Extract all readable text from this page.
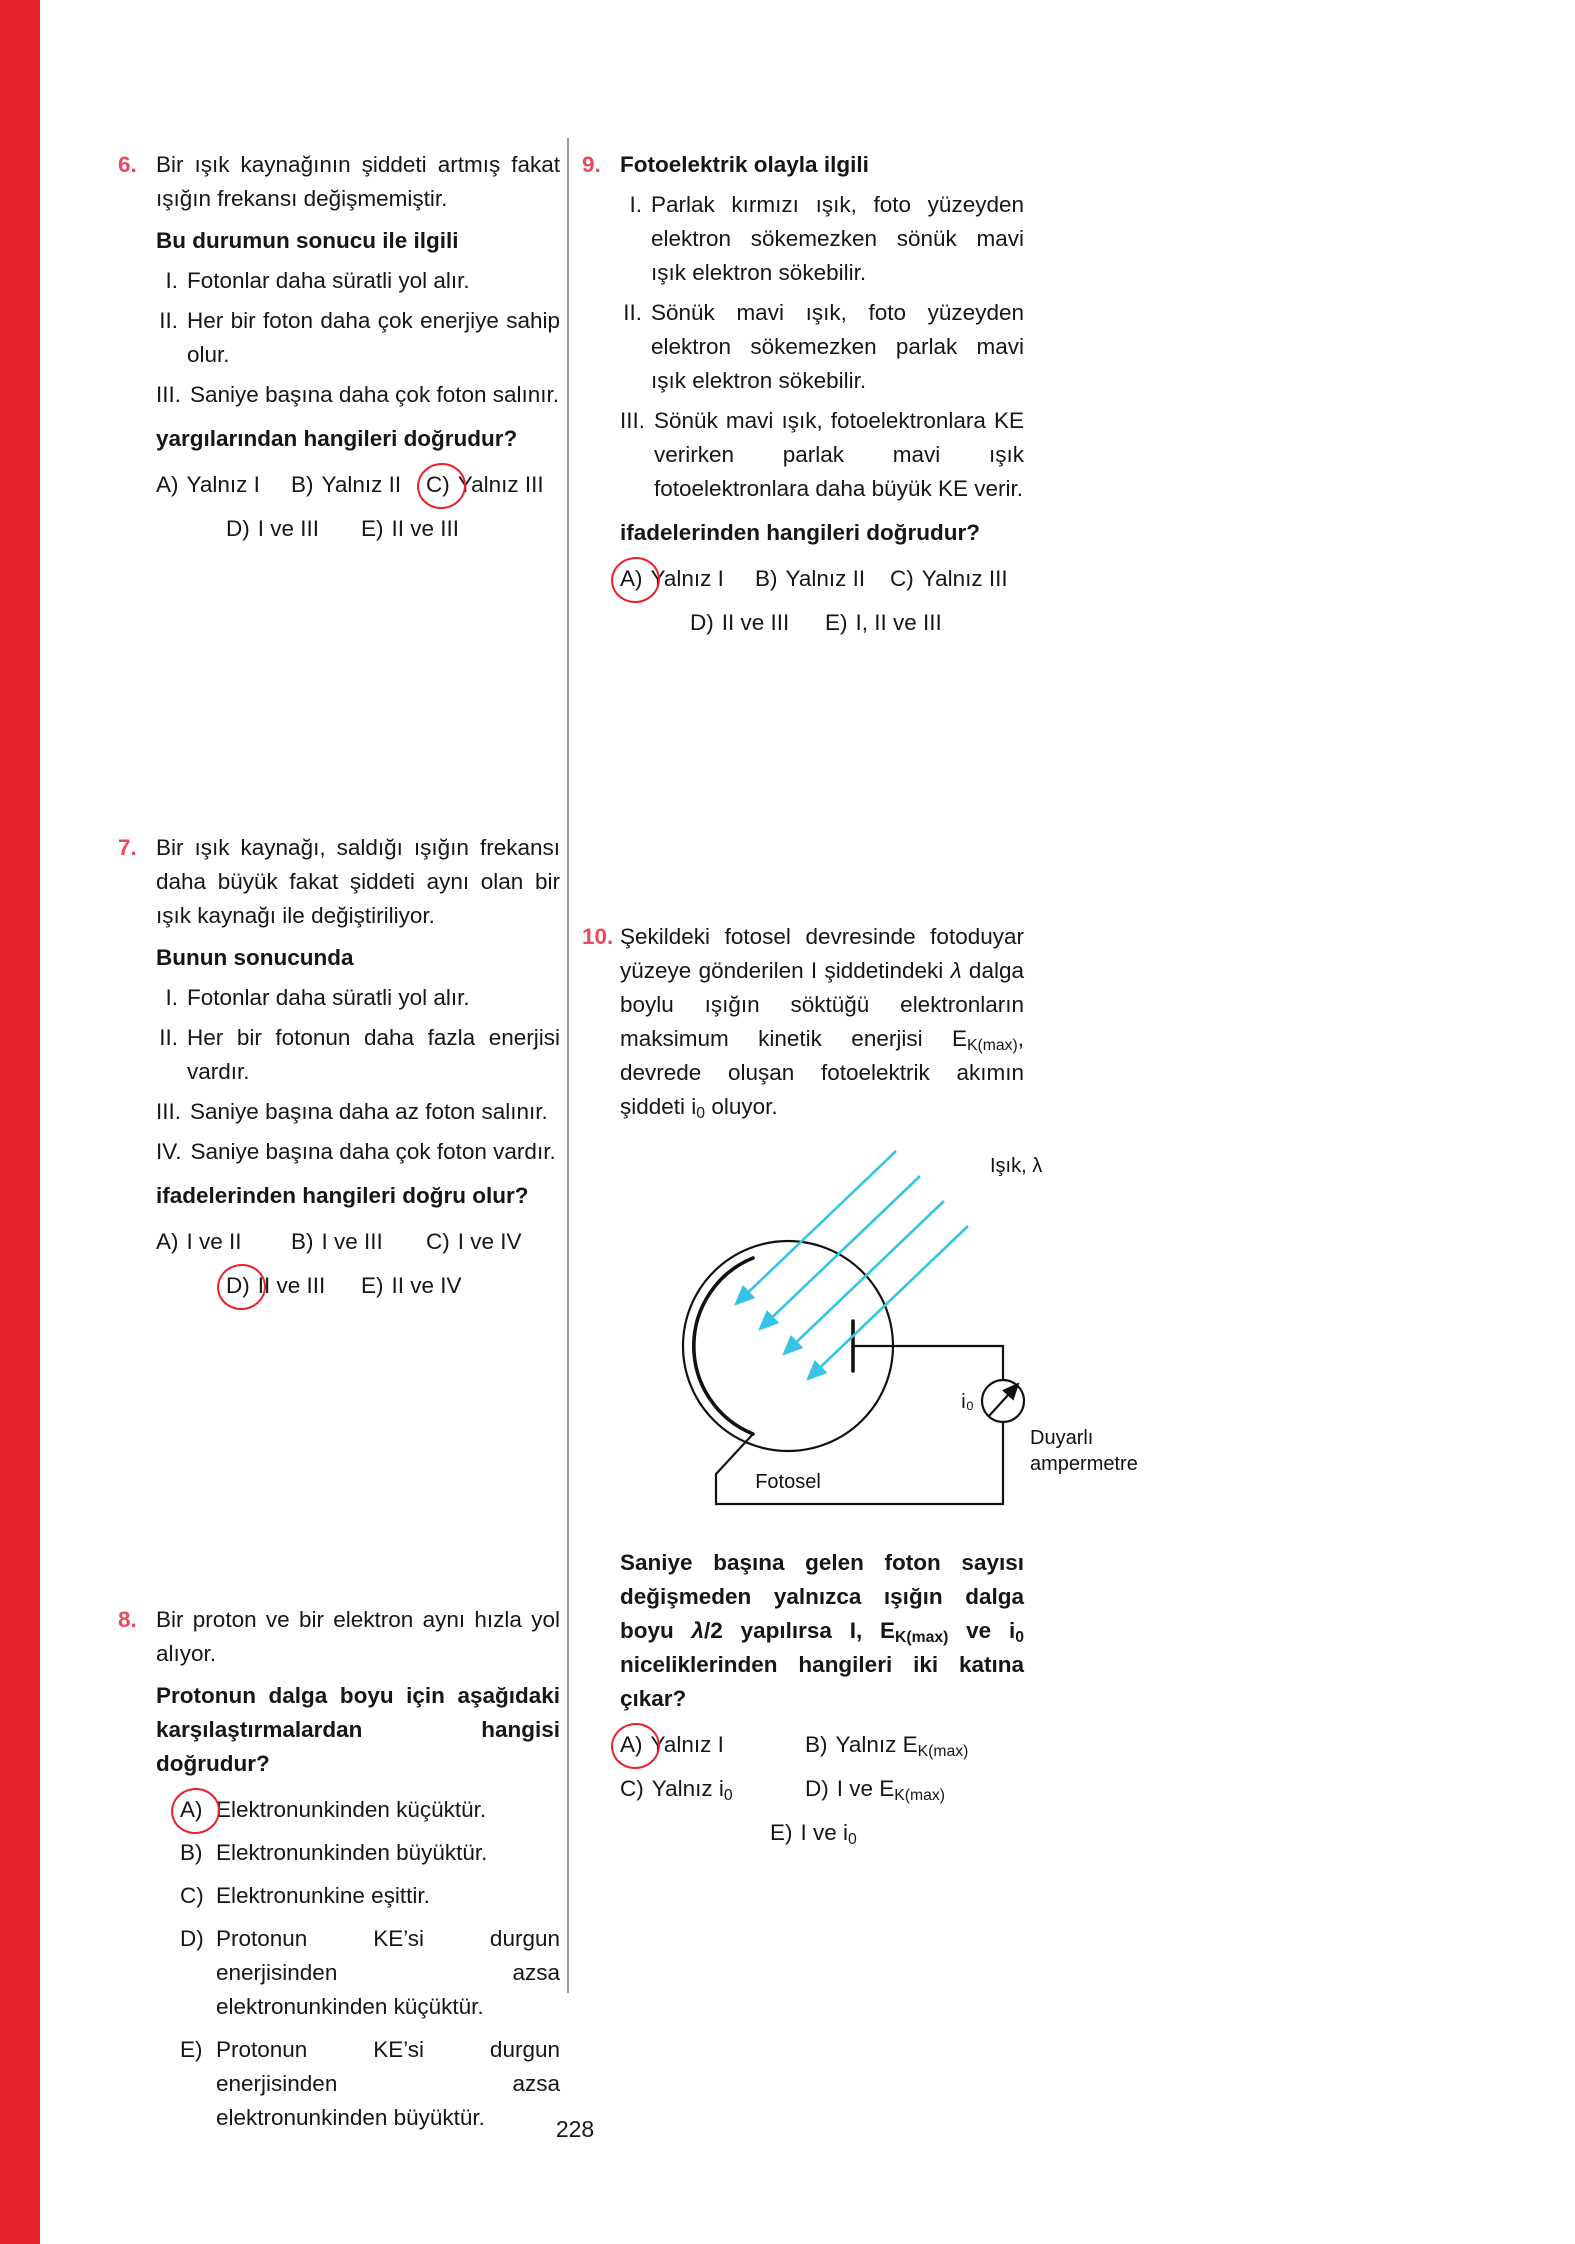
6. Bir ışık kaynağının şiddeti artmış fakat ışığın frekansı değişmemiştir.

Bu durumun sonucu ile ilgili

I. Fotonlar daha süratli yol alır.
II. Her bir foton daha çok enerjiye sahip olur.
III. Saniye başına daha çok foton salınır.

yargılarından hangileri doğrudur?

A) Yalnız I B) Yalnız II C) Yalnız III
D) I ve III E) II ve III
7. Bir ışık kaynağı, saldığı ışığın frekansı daha büyük fakat şiddeti aynı olan bir ışık kaynağı ile değiştiriliyor.

Bunun sonucunda

I. Fotonlar daha süratli yol alır.
II. Her bir fotonun daha fazla enerjisi vardır.
III. Saniye başına daha az foton salınır.
IV. Saniye başına daha çok foton vardır.

ifadelerinden hangileri doğru olur?

A) I ve II B) I ve III C) I ve IV
D) II ve III E) II ve IV
8. Bir proton ve bir elektron aynı hızla yol alıyor.

Protonun dalga boyu için aşağıdaki karşılaştırmalardan hangisi doğrudur?

A) Elektronunkinden küçüktür.
B) Elektronunkinden büyüktür.
C) Elektronunkine eşittir.
D) Protonun KE’si durgun enerjisinden azsa elektronunkinden küçüktür.
E) Protonun KE’si durgun enerjisinden azsa elektronunkinden büyüktür.
9. Fotoelektrik olayla ilgili

I. Parlak kırmızı ışık, foto yüzeyden elektron sökemezken sönük mavi ışık elektron sökebilir.
II. Sönük mavi ışık, foto yüzeyden elektron sökemezken parlak mavi ışık elektron sökebilir.
III. Sönük mavi ışık, fotoelektronlara KE verirken parlak mavi ışık fotoelektronlara daha büyük KE verir.

ifadelerinden hangileri doğrudur?

A) Yalnız I B) Yalnız II C) Yalnız III
D) II ve III E) I, II ve III
10. Şekildeki fotosel devresinde fotoduyar yüzeye gönderilen I şiddetindeki λ dalga boylu ışığın söktüğü elektronların maksimum kinetik enerjisi $E_{K(max)}$, devrede oluşan fotoelektrik akımın şiddeti $i_0$ oluyor.

Işık, λ
i₀
Fotosel
Duyarlı
ampermetre

Saniye başına gelen foton sayısı değişmeden yalnızca ışığın dalga boyu λ/2 yapılırsa I, $E_{K(max)}$ ve $i_0$ niceliklerinden hangileri iki katına çıkar?

A) Yalnız I	B) Yalnız $E_{K(max)}$
C) Yalnız $i_0$	D) I ve $E_{K(max)}$
E) I ve $i_0$
228
